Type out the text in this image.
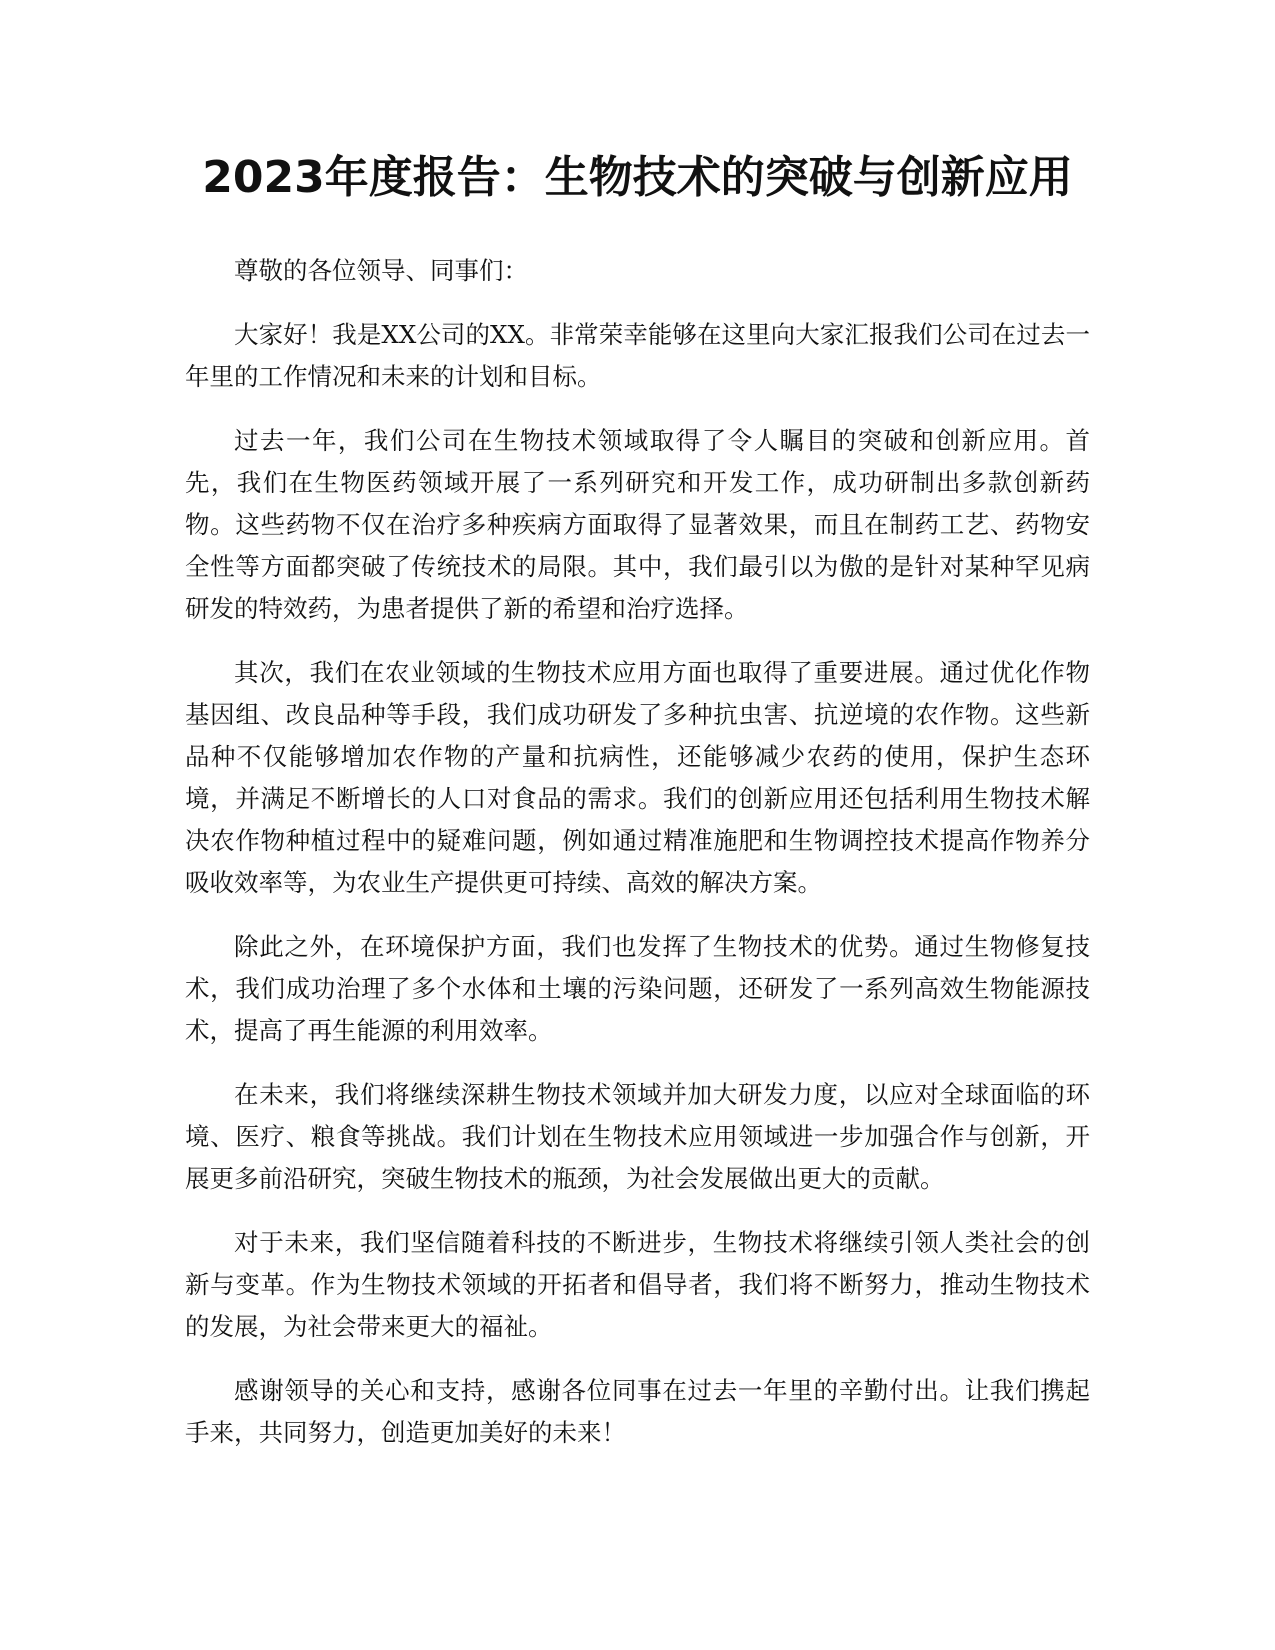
2023年度报告：生物技术的突破与创新应用

尊敬的各位领导、同事们：

大家好！我是XX公司的XX。非常荣幸能够在这里向大家汇报我们公司在过去一年里的工作情况和未来的计划和目标。

过去一年，我们公司在生物技术领域取得了令人瞩目的突破和创新应用。首先，我们在生物医药领域开展了一系列研究和开发工作，成功研制出多款创新药物。这些药物不仅在治疗多种疾病方面取得了显著效果，而且在制药工艺、药物安全性等方面都突破了传统技术的局限。其中，我们最引以为傲的是针对某种罕见病研发的特效药，为患者提供了新的希望和治疗选择。

其次，我们在农业领域的生物技术应用方面也取得了重要进展。通过优化作物基因组、改良品种等手段，我们成功研发了多种抗虫害、抗逆境的农作物。这些新品种不仅能够增加农作物的产量和抗病性，还能够减少农药的使用，保护生态环境，并满足不断增长的人口对食品的需求。我们的创新应用还包括利用生物技术解决农作物种植过程中的疑难问题，例如通过精准施肥和生物调控技术提高作物养分吸收效率等，为农业生产提供更可持续、高效的解决方案。

除此之外，在环境保护方面，我们也发挥了生物技术的优势。通过生物修复技术，我们成功治理了多个水体和土壤的污染问题，还研发了一系列高效生物能源技术，提高了再生能源的利用效率。

在未来，我们将继续深耕生物技术领域并加大研发力度，以应对全球面临的环境、医疗、粮食等挑战。我们计划在生物技术应用领域进一步加强合作与创新，开展更多前沿研究，突破生物技术的瓶颈，为社会发展做出更大的贡献。

对于未来，我们坚信随着科技的不断进步，生物技术将继续引领人类社会的创新与变革。作为生物技术领域的开拓者和倡导者，我们将不断努力，推动生物技术的发展，为社会带来更大的福祉。

感谢领导的关心和支持，感谢各位同事在过去一年里的辛勤付出。让我们携起手来，共同努力，创造更加美好的未来！
